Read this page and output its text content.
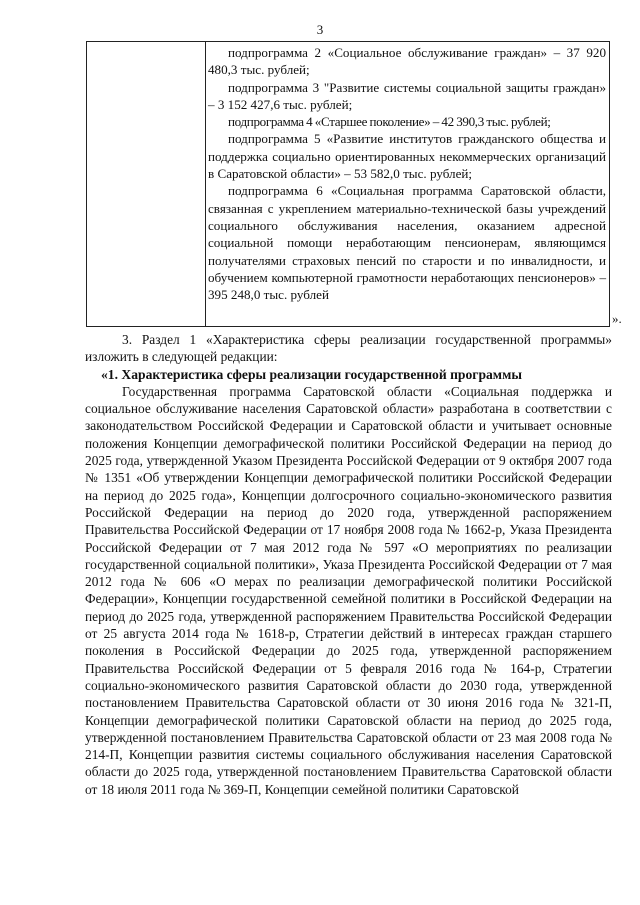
3

подпрограмма 2 «Социальное обслуживание граждан» – 37 920 480,3 тыс. рублей;

подпрограмма 3 "Развитие системы социальной защиты граждан» – 3 152 427,6 тыс. рублей;

подпрограмма 4 «Старшее поколение» – 42 390,3 тыс. рублей;

подпрограмма 5 «Развитие институтов гражданского общества и поддержка социально ориентированных некоммерческих организаций в Саратовской области» – 53 582,0 тыс. рублей;

подпрограмма 6 «Социальная программа Саратовской области, связанная с укреплением материально-технической базы учреждений социального обслуживания населения, оказанием адресной социальной помощи неработающим пенсионерам, являющимся получателями страховых пенсий по старости и по инвалидности, и обучением компьютерной грамотности неработающих пенсионеров» – 395 248,0 тыс. рублей

».

3. Раздел 1 «Характеристика сферы реализации государственной программы» изложить в следующей редакции:

«1. Характеристика сферы реализации государственной программы

Государственная программа Саратовской области «Социальная поддержка и социальное обслуживание населения Саратовской области» разработана в соответствии с законодательством Российской Федерации и Саратовской области и учитывает основные положения Концепции демографической политики Российской Федерации на период до 2025 года, утвержденной Указом Президента Российской Федерации от 9 октября 2007 года № 1351 «Об утверждении Концепции демографической политики Российской Федерации на период до 2025 года», Концепции долгосрочного социально-экономического развития Российской Федерации на период до 2020 года, утвержденной распоряжением Правительства Российской Федерации от 17 ноября 2008 года № 1662-р, Указа Президента Российской Федерации от 7 мая 2012 года № 597 «О мероприятиях по реализации государственной социальной политики», Указа Президента Российской Федерации от 7 мая 2012 года № 606 «О мерах по реализации демографической политики Российской Федерации», Концепции государственной семейной политики в Российской Федерации на период до 2025 года, утвержденной распоряжением Правительства Российской Федерации от 25 августа 2014 года № 1618-р, Стратегии действий в интересах граждан старшего поколения в Российской Федерации до 2025 года, утвержденной распоряжением Правительства Российской Федерации от 5 февраля 2016 года № 164-р, Стратегии социально-экономического развития Саратовской области до 2030 года, утвержденной постановлением Правительства Саратовской области от 30 июня 2016 года № 321-П, Концепции демографической политики Саратовской области на период до 2025 года, утвержденной постановлением Правительства Саратовской области от 23 мая 2008 года № 214-П, Концепции развития системы социального обслуживания населения Саратовской области до 2025 года, утвержденной постановлением Правительства Саратовской области от 18 июля 2011 года № 369-П, Концепции семейной политики Саратовской
